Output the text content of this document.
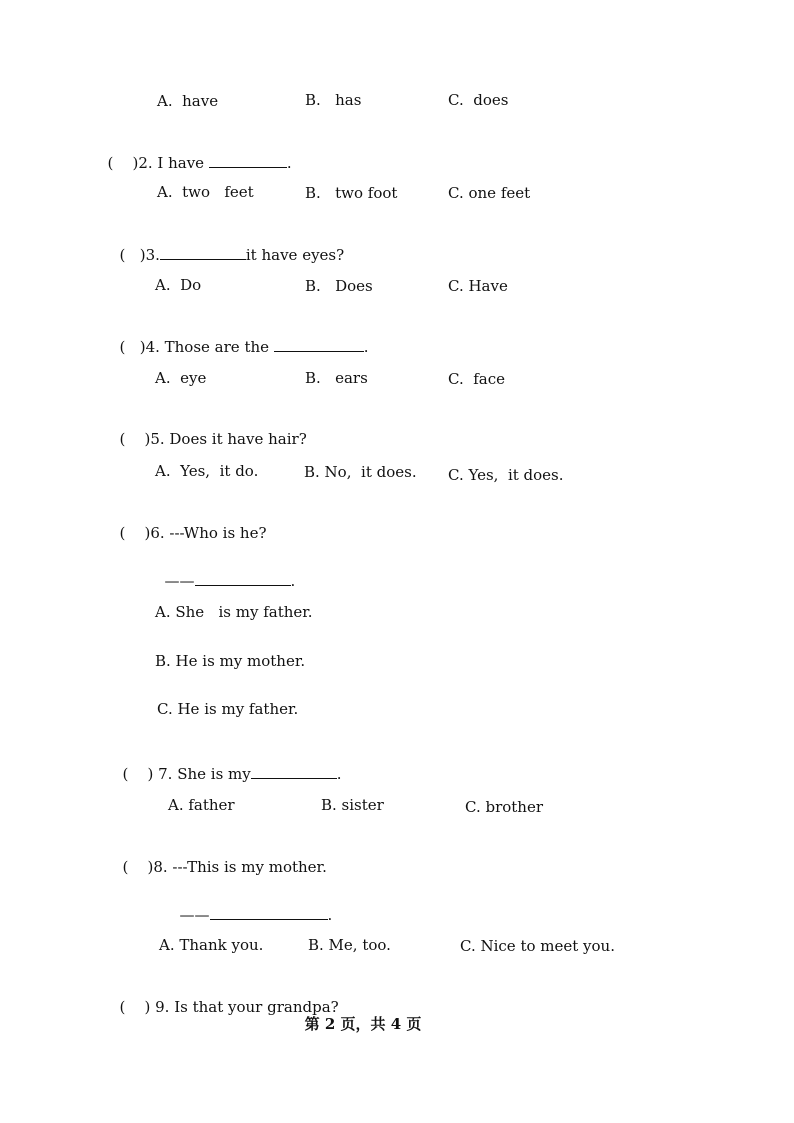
A.  have	B.   has	C.  does

(    )2. I have	.

A.  two   feet	B.   two foot	C. one feet

(   )3.	it have eyes?

A.  Do	B.   Does	C. Have

(   )4. Those are the	.

A.  eye	B.   ears	C.  face

(    )5. Does it have hair?

A.  Yes,  it do.	B. No,  it does. C. Yes,  it does.

(    )6. ---Who is he?

——	.

A. She   is my father.
B. He is my mother.
C. He is my father.

(    ) 7. She is my	.

A. father	B. sister	C. brother

(    )8. ---This is my mother.

——	.

A. Thank you.	B. Me, too.	C. Nice to meet you.

(    ) 9. Is that your grandpa?

第 2 页，共 4 页
